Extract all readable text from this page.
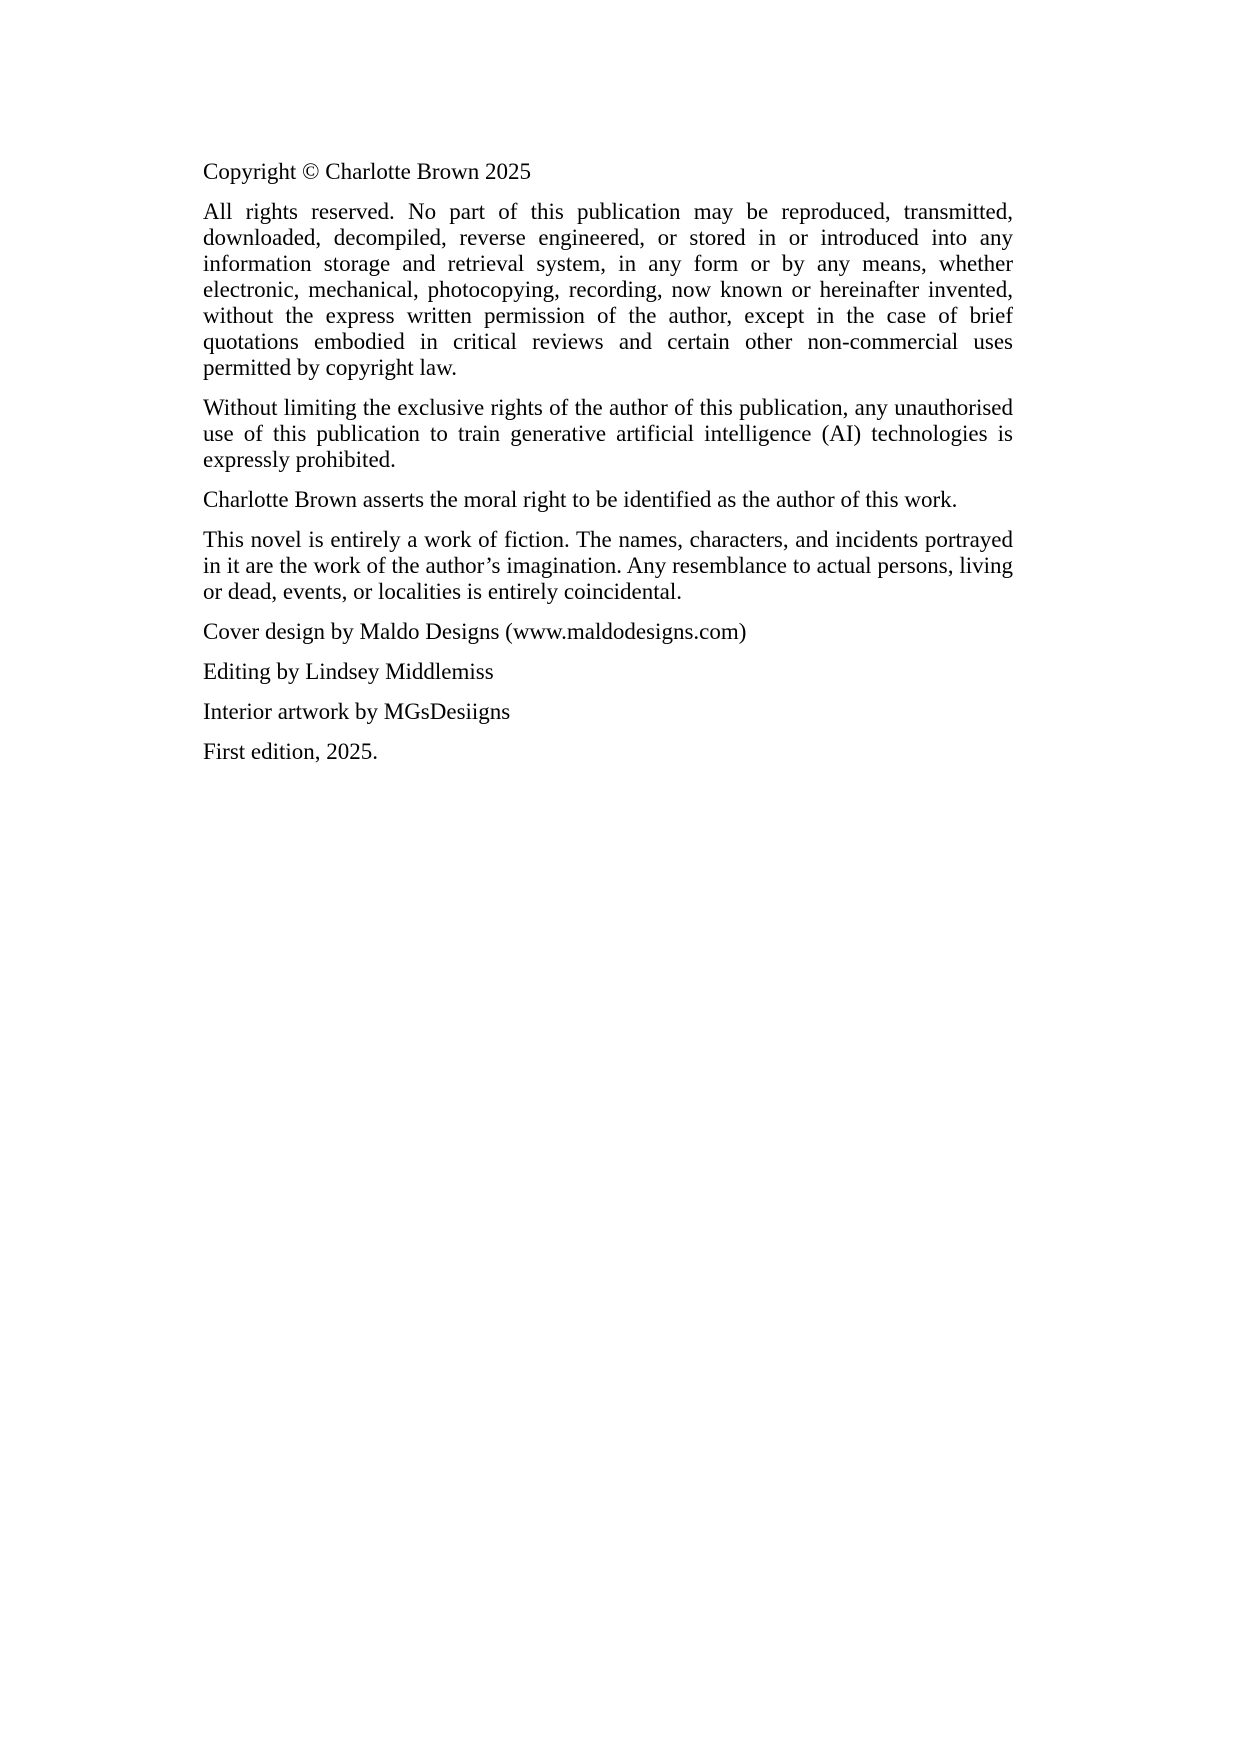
Copyright © Charlotte Brown 2025

All rights reserved. No part of this publication may be reproduced, transmitted, downloaded, decompiled, reverse engineered, or stored in or introduced into any information storage and retrieval system, in any form or by any means, whether electronic, mechanical, photocopying, recording, now known or hereinafter invented, without the express written permission of the author, except in the case of brief quotations embodied in critical reviews and certain other non-commercial uses permitted by copyright law.

Without limiting the exclusive rights of the author of this publication, any unauthorised use of this publication to train generative artificial intelligence (AI) technologies is expressly prohibited.

Charlotte Brown asserts the moral right to be identified as the author of this work.

This novel is entirely a work of fiction. The names, characters, and incidents portrayed in it are the work of the author’s imagination. Any resemblance to actual persons, living or dead, events, or localities is entirely coincidental.

Cover design by Maldo Designs (www.maldodesigns.com)

Editing by Lindsey Middlemiss

Interior artwork by MGsDesiigns

First edition, 2025.
